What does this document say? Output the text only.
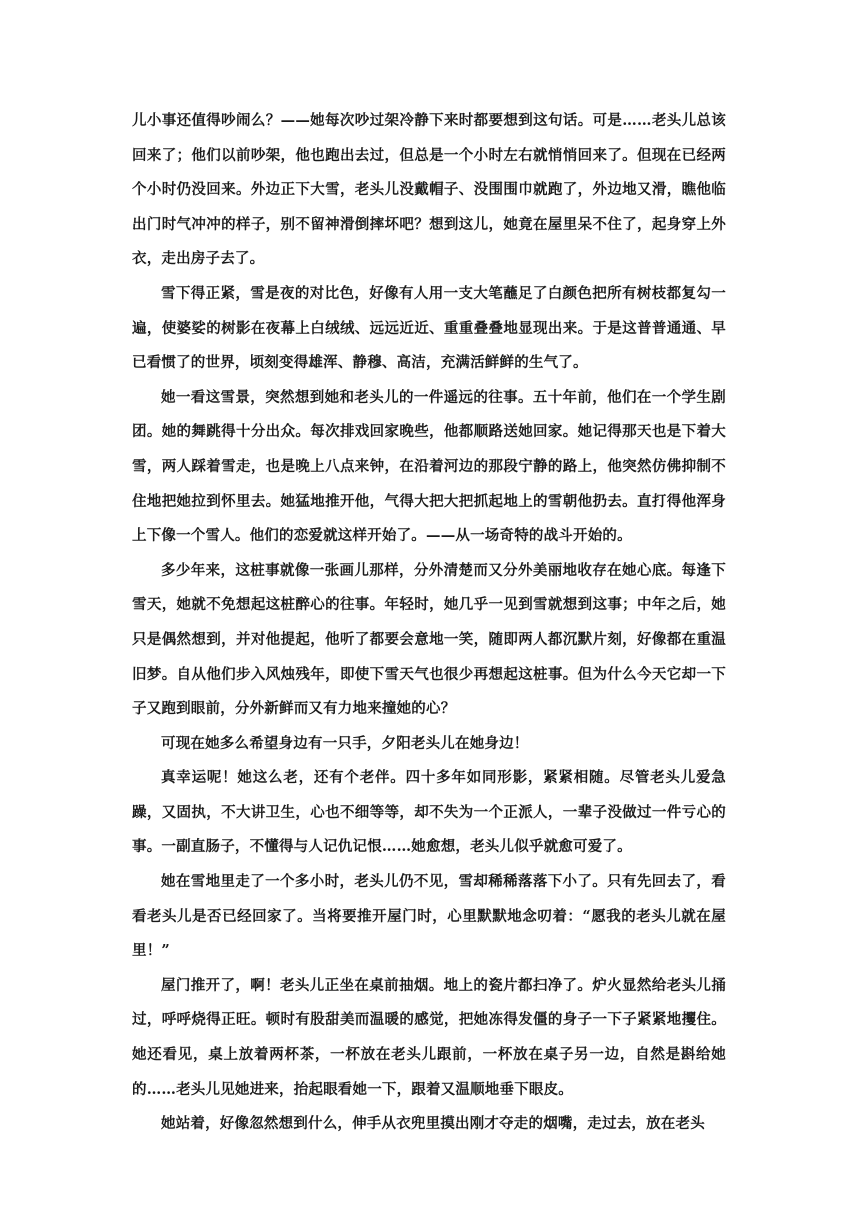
儿小事还值得吵闹么？——她每次吵过架冷静下来时都要想到这句话。可是……老头儿总该回来了；他们以前吵架，他也跑出去过，但总是一个小时左右就悄悄回来了。但现在已经两个小时仍没回来。外边正下大雪，老头儿没戴帽子、没围围巾就跑了，外边地又滑，瞧他临出门时气冲冲的样子，别不留神滑倒摔坏吧？想到这儿，她竟在屋里呆不住了，起身穿上外衣，走出房子去了。

雪下得正紧，雪是夜的对比色，好像有人用一支大笔蘸足了白颜色把所有树枝都复勾一遍，使婆娑的树影在夜幕上白绒绒、远远近近、重重叠叠地显现出来。于是这普普通通、早已看惯了的世界，顷刻变得雄浑、静穆、高洁，充满活鲜鲜的生气了。

她一看这雪景，突然想到她和老头儿的一件遥远的往事。五十年前，他们在一个学生剧团。她的舞跳得十分出众。每次排戏回家晚些，他都顺路送她回家。她记得那天也是下着大雪，两人踩着雪走，也是晚上八点来钟，在沿着河边的那段宁静的路上，他突然仿佛抑制不住地把她拉到怀里去。她猛地推开他，气得大把大把抓起地上的雪朝他扔去。直打得他浑身上下像一个雪人。他们的恋爱就这样开始了。——从一场奇特的战斗开始的。

多少年来，这桩事就像一张画儿那样，分外清楚而又分外美丽地收存在她心底。每逢下雪天，她就不免想起这桩醉心的往事。年轻时，她几乎一见到雪就想到这事；中年之后，她只是偶然想到，并对他提起，他听了都要会意地一笑，随即两人都沉默片刻，好像都在重温旧梦。自从他们步入风烛残年，即使下雪天气也很少再想起这桩事。但为什么今天它却一下子又跑到眼前，分外新鲜而又有力地来撞她的心？

可现在她多么希望身边有一只手，夕阳老头儿在她身边！

真幸运呢！她这么老，还有个老伴。四十多年如同形影，紧紧相随。尽管老头儿爱急躁，又固执，不大讲卫生，心也不细等等，却不失为一个正派人，一辈子没做过一件亏心的事。一副直肠子，不懂得与人记仇记恨……她愈想，老头儿似乎就愈可爱了。

她在雪地里走了一个多小时，老头儿仍不见，雪却稀稀落落下小了。只有先回去了，看看老头儿是否已经回家了。当将要推开屋门时，心里默默地念叨着：“愿我的老头儿就在屋里！”

屋门推开了，啊！老头儿正坐在桌前抽烟。地上的瓷片都扫净了。炉火显然给老头儿捅过，呼呼烧得正旺。顿时有股甜美而温暖的感觉，把她冻得发僵的身子一下子紧紧地攫住。她还看见，桌上放着两杯茶，一杯放在老头儿跟前，一杯放在桌子另一边，自然是斟给她的……老头儿见她进来，抬起眼看她一下，跟着又温顺地垂下眼皮。

她站着，好像忽然想到什么，伸手从衣兜里摸出刚才夺走的烟嘴，走过去，放在老头
